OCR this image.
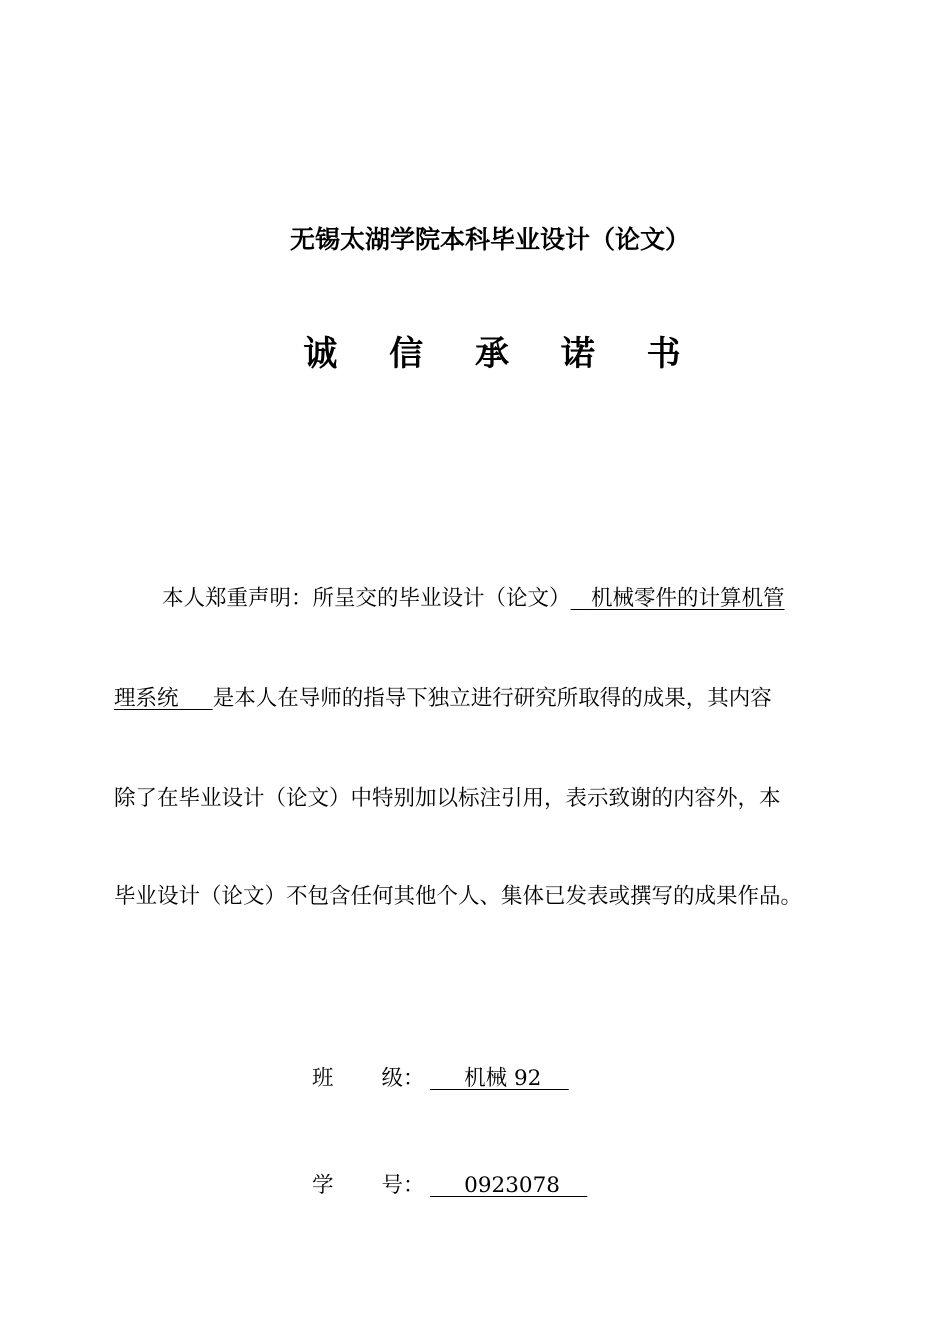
无锡太湖学院本科毕业设计（论文）
诚 信 承 诺 书
本人郑重声明：所呈交的毕业设计（论文） 机械零件的计算机管
理系统 是本人在导师的指导下独立进行研究所取得的成果，其内容
除了在毕业设计（论文）中特别加以标注引用，表示致谢的内容外，本
毕业设计（论文）不包含任何其他个人、集体已发表或撰写的成果作品。
班 级：     机械 92
学 号：     0923078
